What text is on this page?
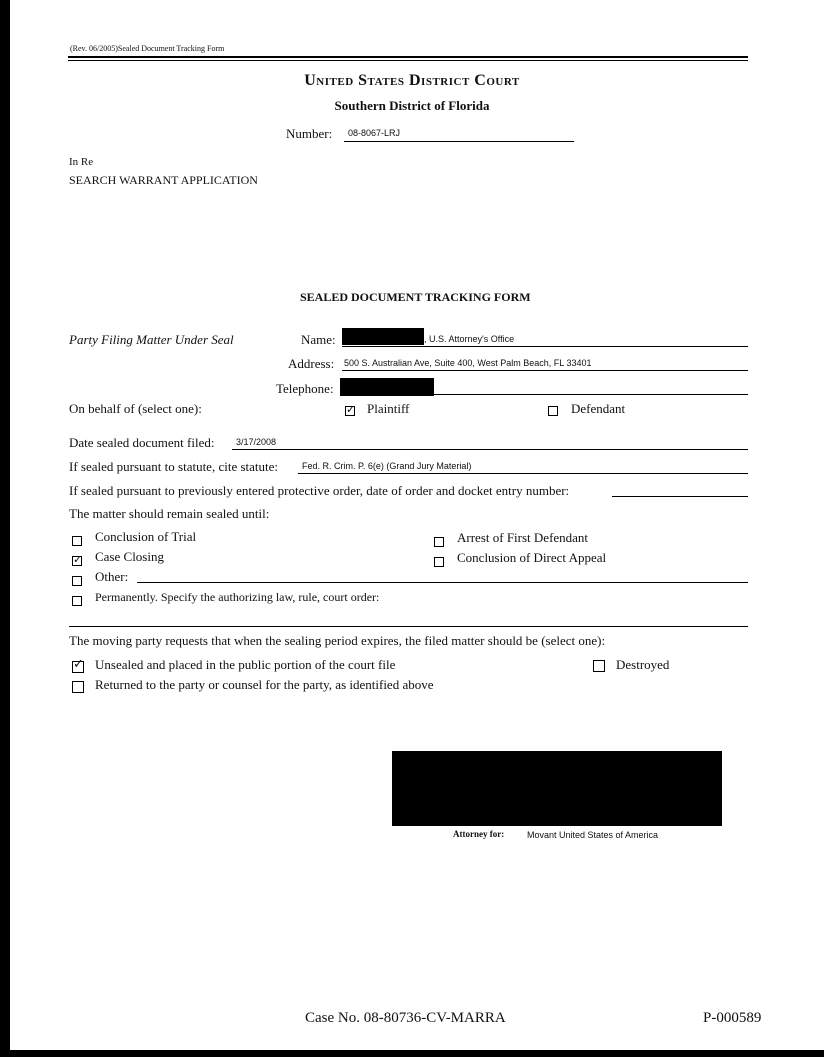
(Rev. 06/2005)Sealed Document Tracking Form
United States District Court
Southern District of Florida
Number: 08-8067-LRJ
In Re
SEARCH WARRANT APPLICATION
SEALED DOCUMENT TRACKING FORM
Party Filing Matter Under Seal	Name:	, U.S. Attorney's Office
Address: 500 S. Australian Ave, Suite 400, West Palm Beach, FL 33401
Telephone:
On behalf of (select one):	✓ Plaintiff	Defendant
Date sealed document filed: 3/17/2008
If sealed pursuant to statute, cite statute:	Fed. R. Crim. P. 6(e) (Grand Jury Material)
If sealed pursuant to previously entered protective order, date of order and docket entry number:
The matter should remain sealed until:
Conclusion of Trial
✓ Case Closing
Other:
Permanently. Specify the authorizing law, rule, court order:
Arrest of First Defendant
Conclusion of Direct Appeal
The moving party requests that when the sealing period expires, the filed matter should be (select one):
✓ Unsealed and placed in the public portion of the court file
Returned to the party or counsel for the party, as identified above
Destroyed
Attorney for:	Movant United States of America
Case No. 08-80736-CV-MARRA	P-000589
